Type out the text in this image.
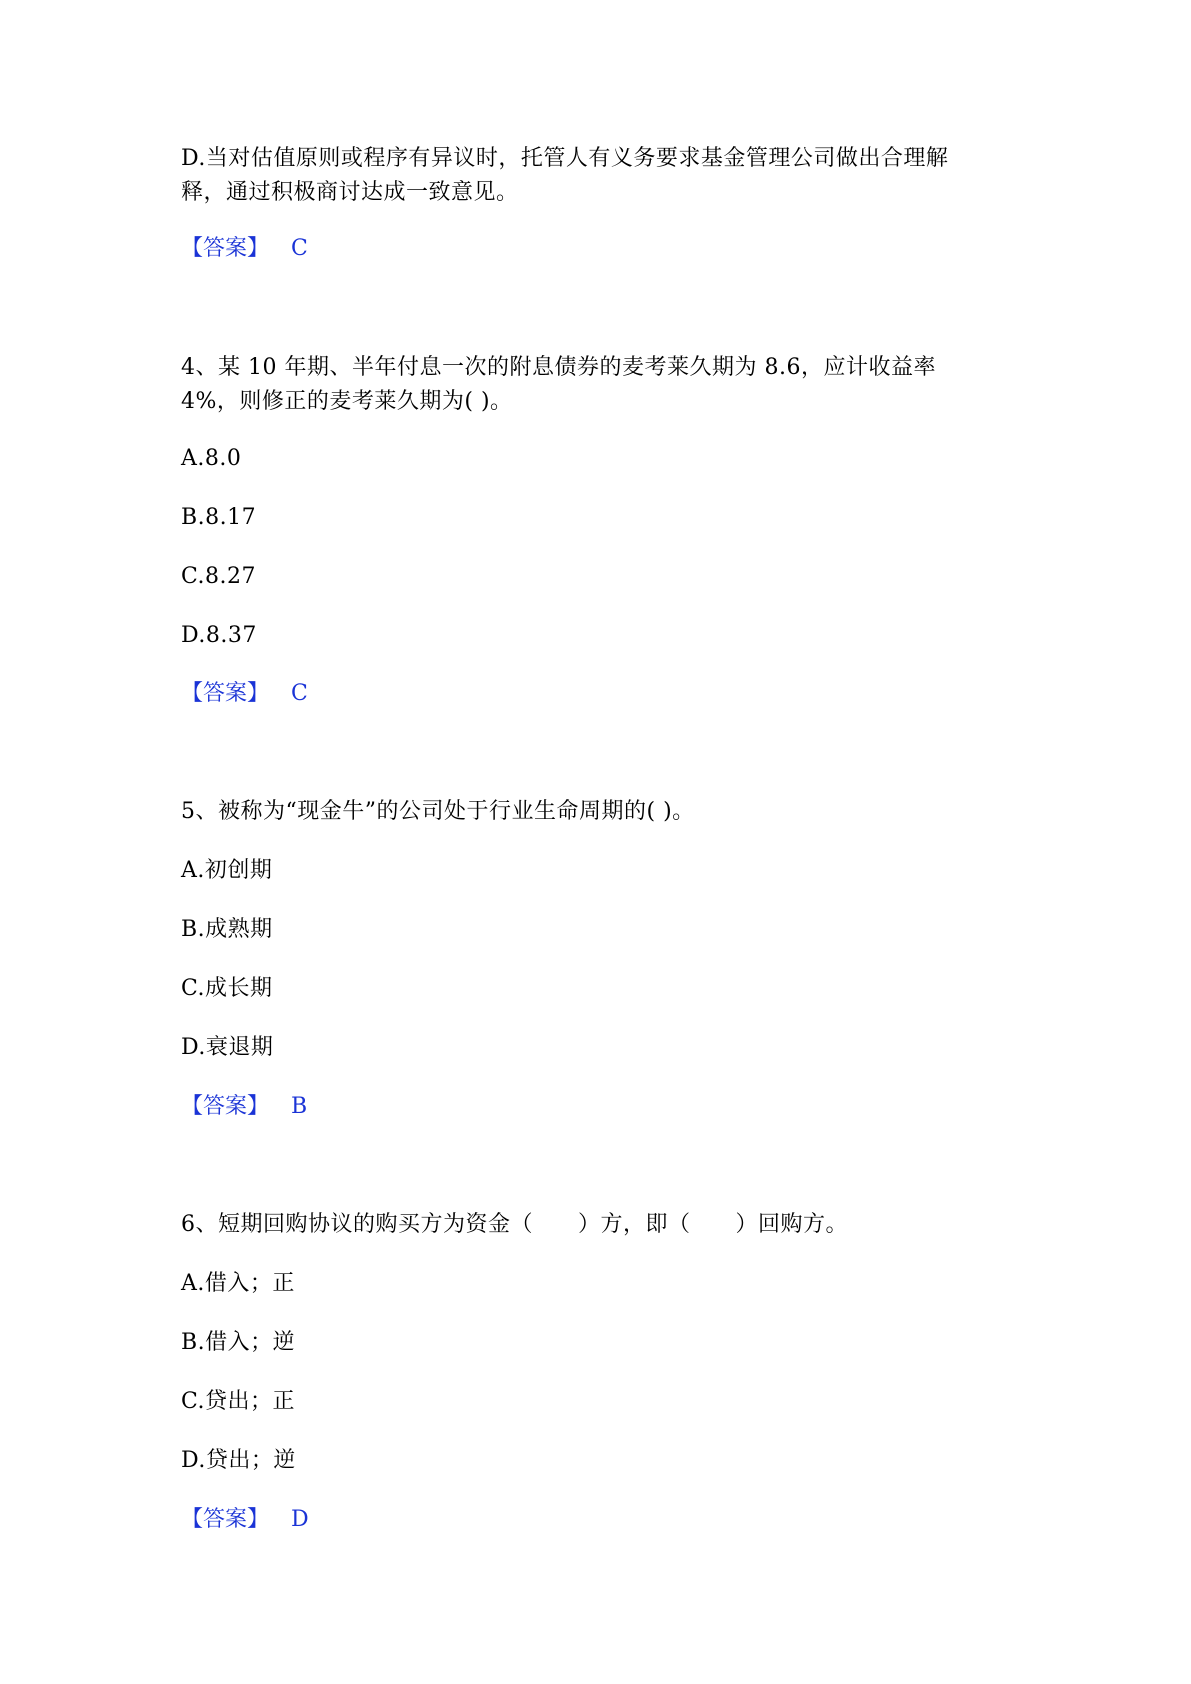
D.当对估值原则或程序有异议时，托管人有义务要求基金管理公司做出合理解
释，通过积极商讨达成一致意见。
【答案】 C
4、某 10 年期、半年付息一次的附息债券的麦考莱久期为 8.6，应计收益率
4%，则修正的麦考莱久期为( )。
A.8.0
B.8.17
C.8.27
D.8.37
【答案】 C
5、被称为“现金牛”的公司处于行业生命周期的( )。
A.初创期
B.成熟期
C.成长期
D.衰退期
【答案】 B
6、短期回购协议的购买方为资金（　　）方，即（　　）回购方。
A.借入；正
B.借入；逆
C.贷出；正
D.贷出；逆
【答案】 D
